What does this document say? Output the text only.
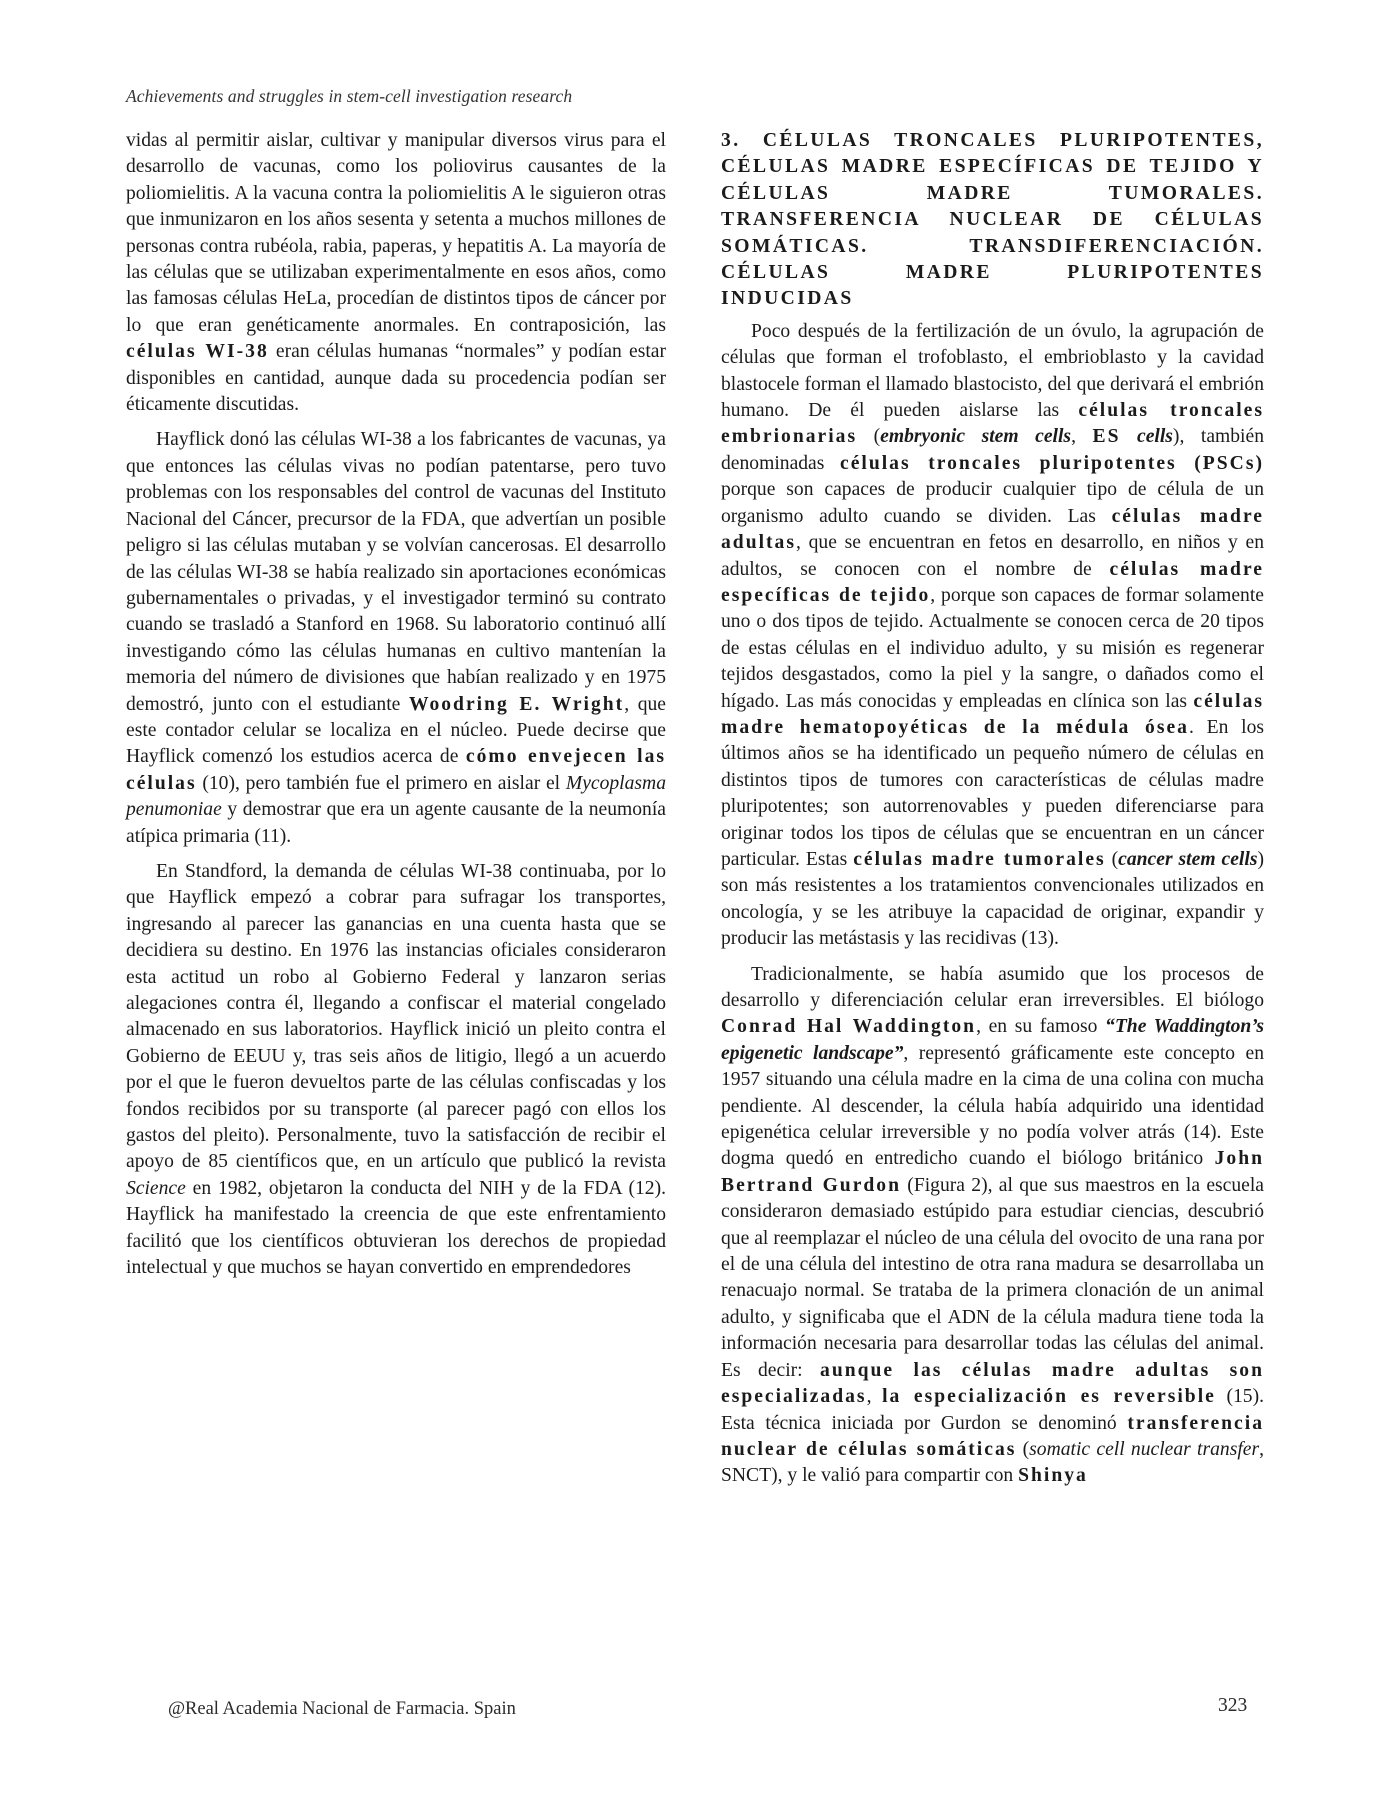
Achievements and struggles in stem-cell investigation research

vidas al permitir aislar, cultivar y manipular diversos virus para el desarrollo de vacunas, como los poliovirus causantes de la poliomielitis. A la vacuna contra la poliomielitis A le siguieron otras que inmunizaron en los años sesenta y setenta a muchos millones de personas contra rubéola, rabia, paperas, y hepatitis A. La mayoría de las células que se utilizaban experimentalmente en esos años, como las famosas células HeLa, procedían de distintos tipos de cáncer por lo que eran genéticamente anormales. En contraposición, las células WI-38 eran células humanas “normales” y podían estar disponibles en cantidad, aunque dada su procedencia podían ser éticamente discutidas.

Hayflick donó las células WI-38 a los fabricantes de vacunas, ya que entonces las células vivas no podían patentarse, pero tuvo problemas con los responsables del control de vacunas del Instituto Nacional del Cáncer, precursor de la FDA, que advertían un posible peligro si las células mutaban y se volvían cancerosas. El desarrollo de las células WI-38 se había realizado sin aportaciones económicas gubernamentales o privadas, y el investigador terminó su contrato cuando se trasladó a Stanford en 1968. Su laboratorio continuó allí investigando cómo las células humanas en cultivo mantenían la memoria del número de divisiones que habían realizado y en 1975 demostró, junto con el estudiante Woodring E. Wright, que este contador celular se localiza en el núcleo. Puede decirse que Hayflick comenzó los estudios acerca de cómo envejecen las células (10), pero también fue el primero en aislar el Mycoplasma penumoniae y demostrar que era un agente causante de la neumonía atípica primaria (11).

En Standford, la demanda de células WI-38 continuaba, por lo que Hayflick empezó a cobrar para sufragar los transportes, ingresando al parecer las ganancias en una cuenta hasta que se decidiera su destino. En 1976 las instancias oficiales consideraron esta actitud un robo al Gobierno Federal y lanzaron serias alegaciones contra él, llegando a confiscar el material congelado almacenado en sus laboratorios. Hayflick inició un pleito contra el Gobierno de EEUU y, tras seis años de litigio, llegó a un acuerdo por el que le fueron devueltos parte de las células confiscadas y los fondos recibidos por su transporte (al parecer pagó con ellos los gastos del pleito). Personalmente, tuvo la satisfacción de recibir el apoyo de 85 científicos que, en un artículo que publicó la revista Science en 1982, objetaron la conducta del NIH y de la FDA (12). Hayflick ha manifestado la creencia de que este enfrentamiento facilitó que los científicos obtuvieran los derechos de propiedad intelectual y que muchos se hayan convertido en emprendedores

3. CÉLULAS TRONCALES PLURIPOTENTES, CÉLULAS MADRE ESPECÍFICAS DE TEJIDO Y CÉLULAS MADRE TUMORALES. TRANSFERENCIA NUCLEAR DE CÉLULAS SOMÁTICAS. TRANSDIFERENCIACIÓN. CÉLULAS MADRE PLURIPOTENTES INDUCIDAS

Poco después de la fertilización de un óvulo, la agrupación de células que forman el trofoblasto, el embrioblasto y la cavidad blastocele forman el llamado blastocisto, del que derivará el embrión humano. De él pueden aislarse las células troncales embrionarias (embryonic stem cells, ES cells), también denominadas células troncales pluripotentes (PSCs) porque son capaces de producir cualquier tipo de célula de un organismo adulto cuando se dividen. Las células madre adultas, que se encuentran en fetos en desarrollo, en niños y en adultos, se conocen con el nombre de células madre específicas de tejido, porque son capaces de formar solamente uno o dos tipos de tejido. Actualmente se conocen cerca de 20 tipos de estas células en el individuo adulto, y su misión es regenerar tejidos desgastados, como la piel y la sangre, o dañados como el hígado. Las más conocidas y empleadas en clínica son las células madre hematopoyéticas de la médula ósea. En los últimos años se ha identificado un pequeño número de células en distintos tipos de tumores con características de células madre pluripotentes; son autorrenovables y pueden diferenciarse para originar todos los tipos de células que se encuentran en un cáncer particular. Estas células madre tumorales (cancer stem cells) son más resistentes a los tratamientos convencionales utilizados en oncología, y se les atribuye la capacidad de originar, expandir y producir las metástasis y las recidivas (13).

Tradicionalmente, se había asumido que los procesos de desarrollo y diferenciación celular eran irreversibles. El biólogo Conrad Hal Waddington, en su famoso “The Waddington’s epigenetic landscape”, representó gráficamente este concepto en 1957 situando una célula madre en la cima de una colina con mucha pendiente. Al descender, la célula había adquirido una identidad epigenética celular irreversible y no podía volver atrás (14). Este dogma quedó en entredicho cuando el biólogo británico John Bertrand Gurdon (Figura 2), al que sus maestros en la escuela consideraron demasiado estúpido para estudiar ciencias, descubrió que al reemplazar el núcleo de una célula del ovocito de una rana por el de una célula del intestino de otra rana madura se desarrollaba un renacuajo normal. Se trataba de la primera clonación de un animal adulto, y significaba que el ADN de la célula madura tiene toda la información necesaria para desarrollar todas las células del animal. Es decir: aunque las células madre adultas son especializadas, la especialización es reversible (15). Esta técnica iniciada por Gurdon se denominó transferencia nuclear de células somáticas (somatic cell nuclear transfer, SNCT), y le valió para compartir con Shinya

@Real Academia Nacional de Farmacia. Spain	323
